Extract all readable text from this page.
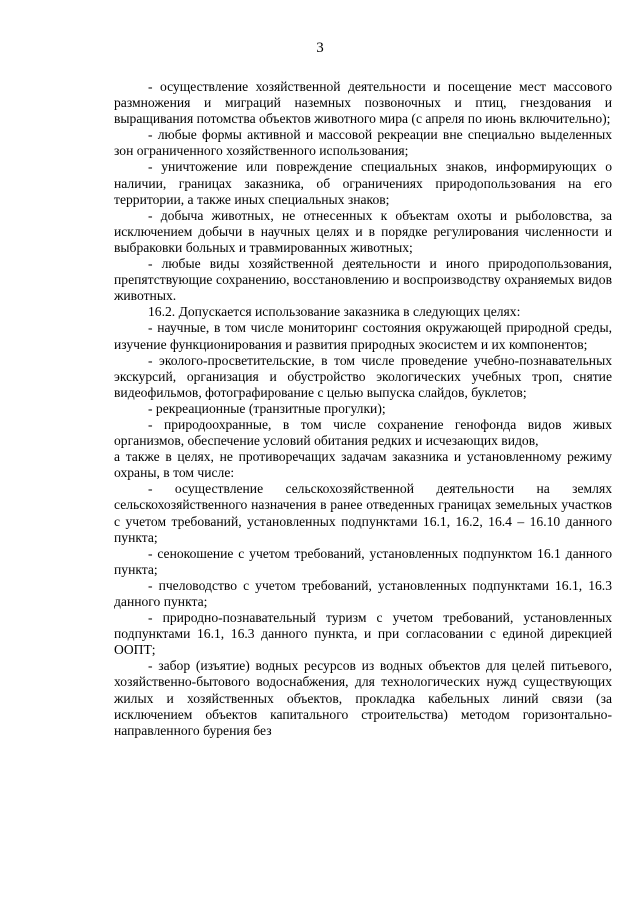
3

- осуществление хозяйственной деятельности и посещение мест массового размножения и миграций наземных позвоночных и птиц, гнездования и выращивания потомства объектов животного мира (с апреля по июнь включительно);

- любые формы активной и массовой рекреации вне специально выделенных зон ограниченного хозяйственного использования;

- уничтожение или повреждение специальных знаков, информирующих о наличии, границах заказника, об ограничениях природопользования на его территории, а также иных специальных знаков;

- добыча животных, не отнесенных к объектам охоты и рыболовства, за исключением добычи в научных целях и в порядке регулирования численности и выбраковки больных и травмированных животных;

- любые виды хозяйственной деятельности и иного природопользования, препятствующие сохранению, восстановлению и воспроизводству охраняемых видов животных.

16.2. Допускается использование заказника в следующих целях:

- научные, в том числе мониторинг состояния окружающей природной среды, изучение функционирования и развития природных экосистем и их компонентов;

- эколого-просветительские, в том числе проведение учебно-познавательных экскурсий, организация и обустройство экологических учебных троп, снятие видеофильмов, фотографирование с целью выпуска слайдов, буклетов;

- рекреационные (транзитные прогулки);

- природоохранные, в том числе сохранение генофонда видов живых организмов, обеспечение условий обитания редких и исчезающих видов,

а также в целях, не противоречащих задачам заказника и установленному режиму охраны, в том числе:

- осуществление сельскохозяйственной деятельности на землях сельскохозяйственного назначения в ранее отведенных границах земельных участков с учетом требований, установленных подпунктами 16.1, 16.2, 16.4 – 16.10 данного пункта;

- сенокошение с учетом требований, установленных подпунктом 16.1 данного пункта;

- пчеловодство с учетом требований, установленных подпунктами 16.1, 16.3 данного пункта;

- природно-познавательный туризм с учетом требований, установленных подпунктами 16.1, 16.3 данного пункта, и при согласовании с единой дирекцией ООПТ;

- забор (изъятие) водных ресурсов из водных объектов для целей питьевого, хозяйственно-бытового водоснабжения, для технологических нужд существующих жилых и хозяйственных объектов, прокладка кабельных линий связи (за исключением объектов капитального строительства) методом горизонтально-направленного бурения без
